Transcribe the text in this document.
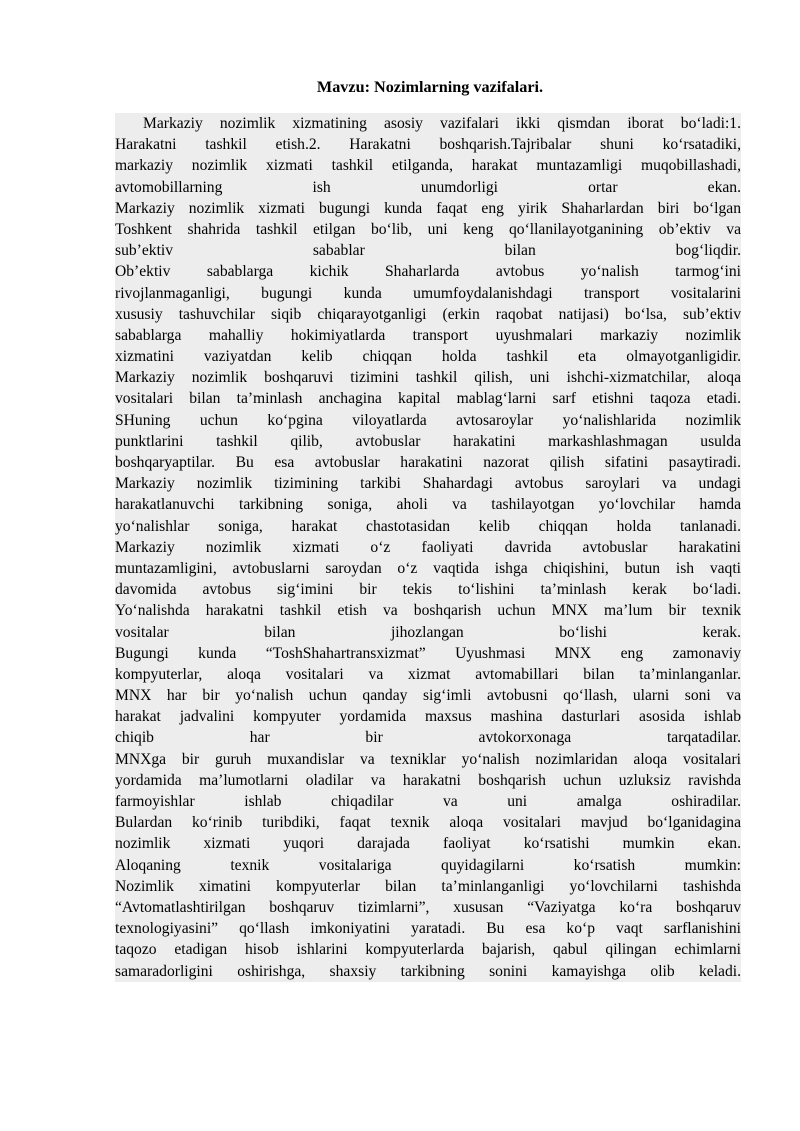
Mavzu: Nozimlarning vazifalari.
Markaziy nozimlik xizmatining asosiy vazifalari ikki qismdan iborat bo‘ladi:1.
Harakatni tashkil etish.2. Harakatni boshqarish.Tajribalar shuni ko‘rsatadiki,
markaziy nozimlik xizmati tashkil etilganda, harakat muntazamligi muqobillashadi,
avtomobillarning ish unumdorligi ortar ekan.
Markaziy nozimlik xizmati bugungi kunda faqat eng yirik Shaharlardan biri bo‘lgan
Toshkent shahrida tashkil etilgan bo‘lib, uni keng qo‘llanilayotganining ob’ektiv va
sub’ektiv sabablar bilan bog‘liqdir.
Ob’ektiv sabablarga kichik Shaharlarda avtobus yo‘nalish tarmog‘ini
rivojlanmaganligi, bugungi kunda umumfoydalanishdagi transport vositalarini
xususiy tashuvchilar siqib chiqarayotganligi (erkin raqobat natijasi) bo‘lsa, sub’ektiv
sabablarga mahalliy hokimiyatlarda transport uyushmalari markaziy nozimlik
xizmatini vaziyatdan kelib chiqqan holda tashkil eta olmayotganligidir.
Markaziy nozimlik boshqaruvi tizimini tashkil qilish, uni ishchi-xizmatchilar, aloqa
vositalari bilan ta’minlash anchagina kapital mablag‘larni sarf etishni taqoza etadi.
SHuning uchun ko‘pgina viloyatlarda avtosaroylar yo‘nalishlarida nozimlik
punktlarini tashkil qilib, avtobuslar harakatini markashlashmagan usulda
boshqaryaptilar. Bu esa avtobuslar harakatini nazorat qilish sifatini pasaytiradi.
Markaziy nozimlik tizimining tarkibi Shahardagi avtobus saroylari va undagi
harakatlanuvchi tarkibning soniga, aholi va tashilayotgan yo‘lovchilar hamda
yo‘nalishlar soniga, harakat chastotasidan kelib chiqqan holda tanlanadi.
Markaziy nozimlik xizmati o‘z faoliyati davrida avtobuslar harakatini
muntazamligini, avtobuslarni saroydan o‘z vaqtida ishga chiqishini, butun ish vaqti
davomida avtobus sig‘imini bir tekis to‘lishini ta’minlash kerak bo‘ladi.
Yo‘nalishda harakatni tashkil etish va boshqarish uchun MNX ma’lum bir texnik
vositalar bilan jihozlangan bo‘lishi kerak.
Bugungi kunda “ToshShahartransxizmat” Uyushmasi MNX eng zamonaviy
kompyuterlar, aloqa vositalari va xizmat avtomabillari bilan ta’minlanganlar.
MNX har bir yo‘nalish uchun qanday sig‘imli avtobusni qo‘llash, ularni soni va
harakat jadvalini kompyuter yordamida maxsus mashina dasturlari asosida ishlab
chiqib har bir avtokorxonaga tarqatadilar.
MNXga bir guruh muxandislar va texniklar yo‘nalish nozimlaridan aloqa vositalari
yordamida ma’lumotlarni oladilar va harakatni boshqarish uchun uzluksiz ravishda
farmoyishlar ishlab chiqadilar va uni amalga oshiradilar.
Bulardan ko‘rinib turibdiki, faqat texnik aloqa vositalari mavjud bo‘lganidagina
nozimlik xizmati yuqori darajada faoliyat ko‘rsatishi mumkin ekan.
Aloqaning texnik vositalariga quyidagilarni ko‘rsatish mumkin:
Nozimlik ximatini kompyuterlar bilan ta’minlanganligi yo‘lovchilarni tashishda
“Avtomatlashtirilgan boshqaruv tizimlarni”, xususan “Vaziyatga ko‘ra boshqaruv
texnologiyasini” qo‘llash imkoniyatini yaratadi. Bu esa ko‘p vaqt sarflanishini
taqozo etadigan hisob ishlarini kompyuterlarda bajarish, qabul qilingan echimlarni
samaradorligini oshirishga, shaxsiy tarkibning sonini kamayishga olib keladi.
